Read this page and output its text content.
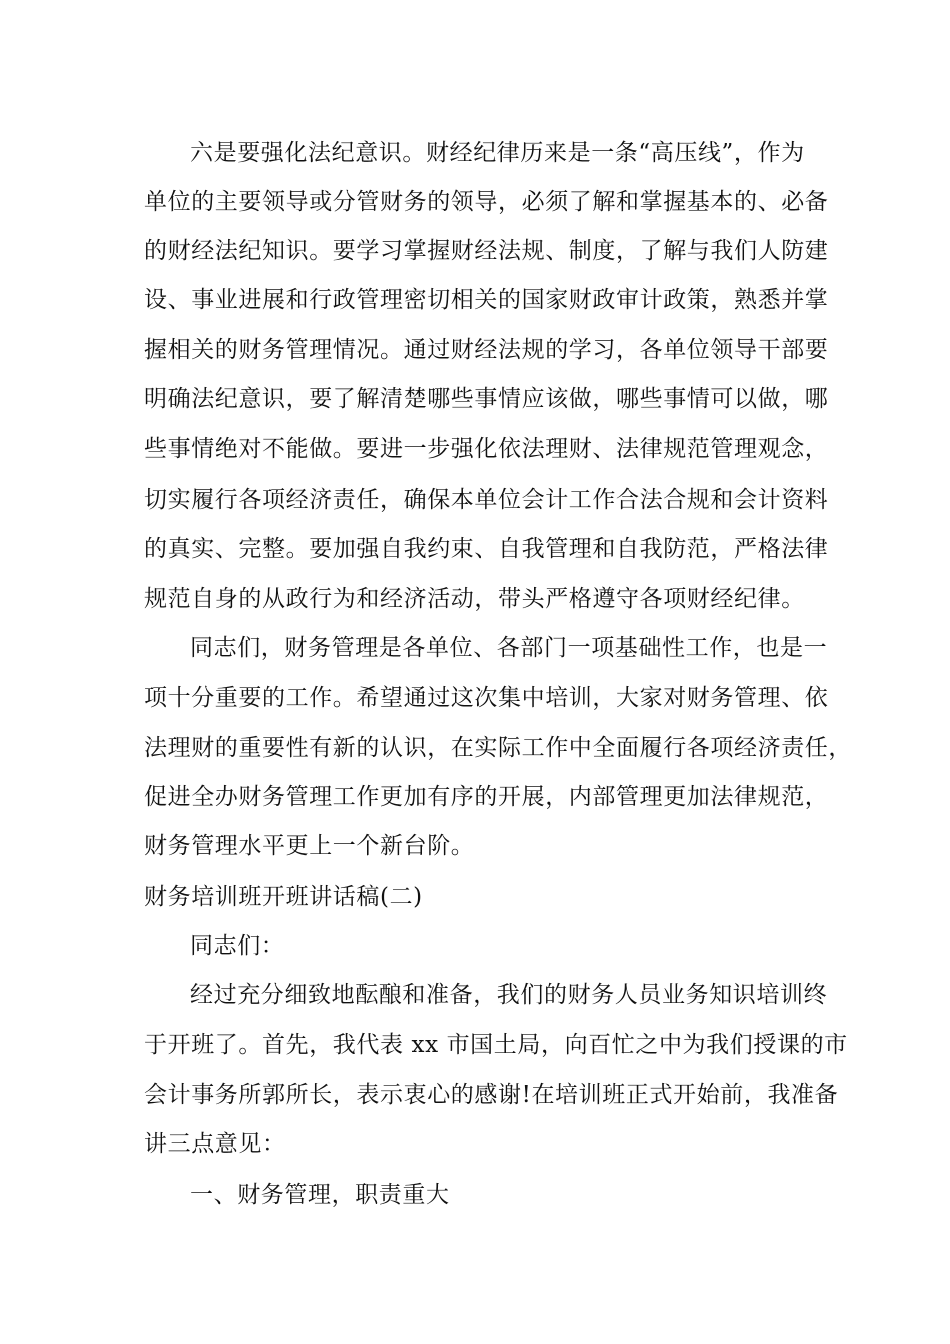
六是要强化法纪意识。财经纪律历来是一条“高压线”，作为
单位的主要领导或分管财务的领导，必须了解和掌握基本的、必备
的财经法纪知识。要学习掌握财经法规、制度，了解与我们人防建
设、事业进展和行政管理密切相关的国家财政审计政策，熟悉并掌
握相关的财务管理情况。通过财经法规的学习，各单位领导干部要
明确法纪意识，要了解清楚哪些事情应该做，哪些事情可以做，哪
些事情绝对不能做。要进一步强化依法理财、法律规范管理观念，
切实履行各项经济责任，确保本单位会计工作合法合规和会计资料
的真实、完整。要加强自我约束、自我管理和自我防范，严格法律
规范自身的从政行为和经济活动，带头严格遵守各项财经纪律。
同志们，财务管理是各单位、各部门一项基础性工作，也是一
项十分重要的工作。希望通过这次集中培训，大家对财务管理、依
法理财的重要性有新的认识，在实际工作中全面履行各项经济责任，
促进全办财务管理工作更加有序的开展，内部管理更加法律规范，
财务管理水平更上一个新台阶。
财务培训班开班讲话稿(二)
同志们：
经过充分细致地酝酿和准备，我们的财务人员业务知识培训终
于开班了。首先，我代表 xx 市国土局，向百忙之中为我们授课的市
会计事务所郭所长，表示衷心的感谢!在培训班正式开始前，我准备
讲三点意见：
一、财务管理，职责重大
